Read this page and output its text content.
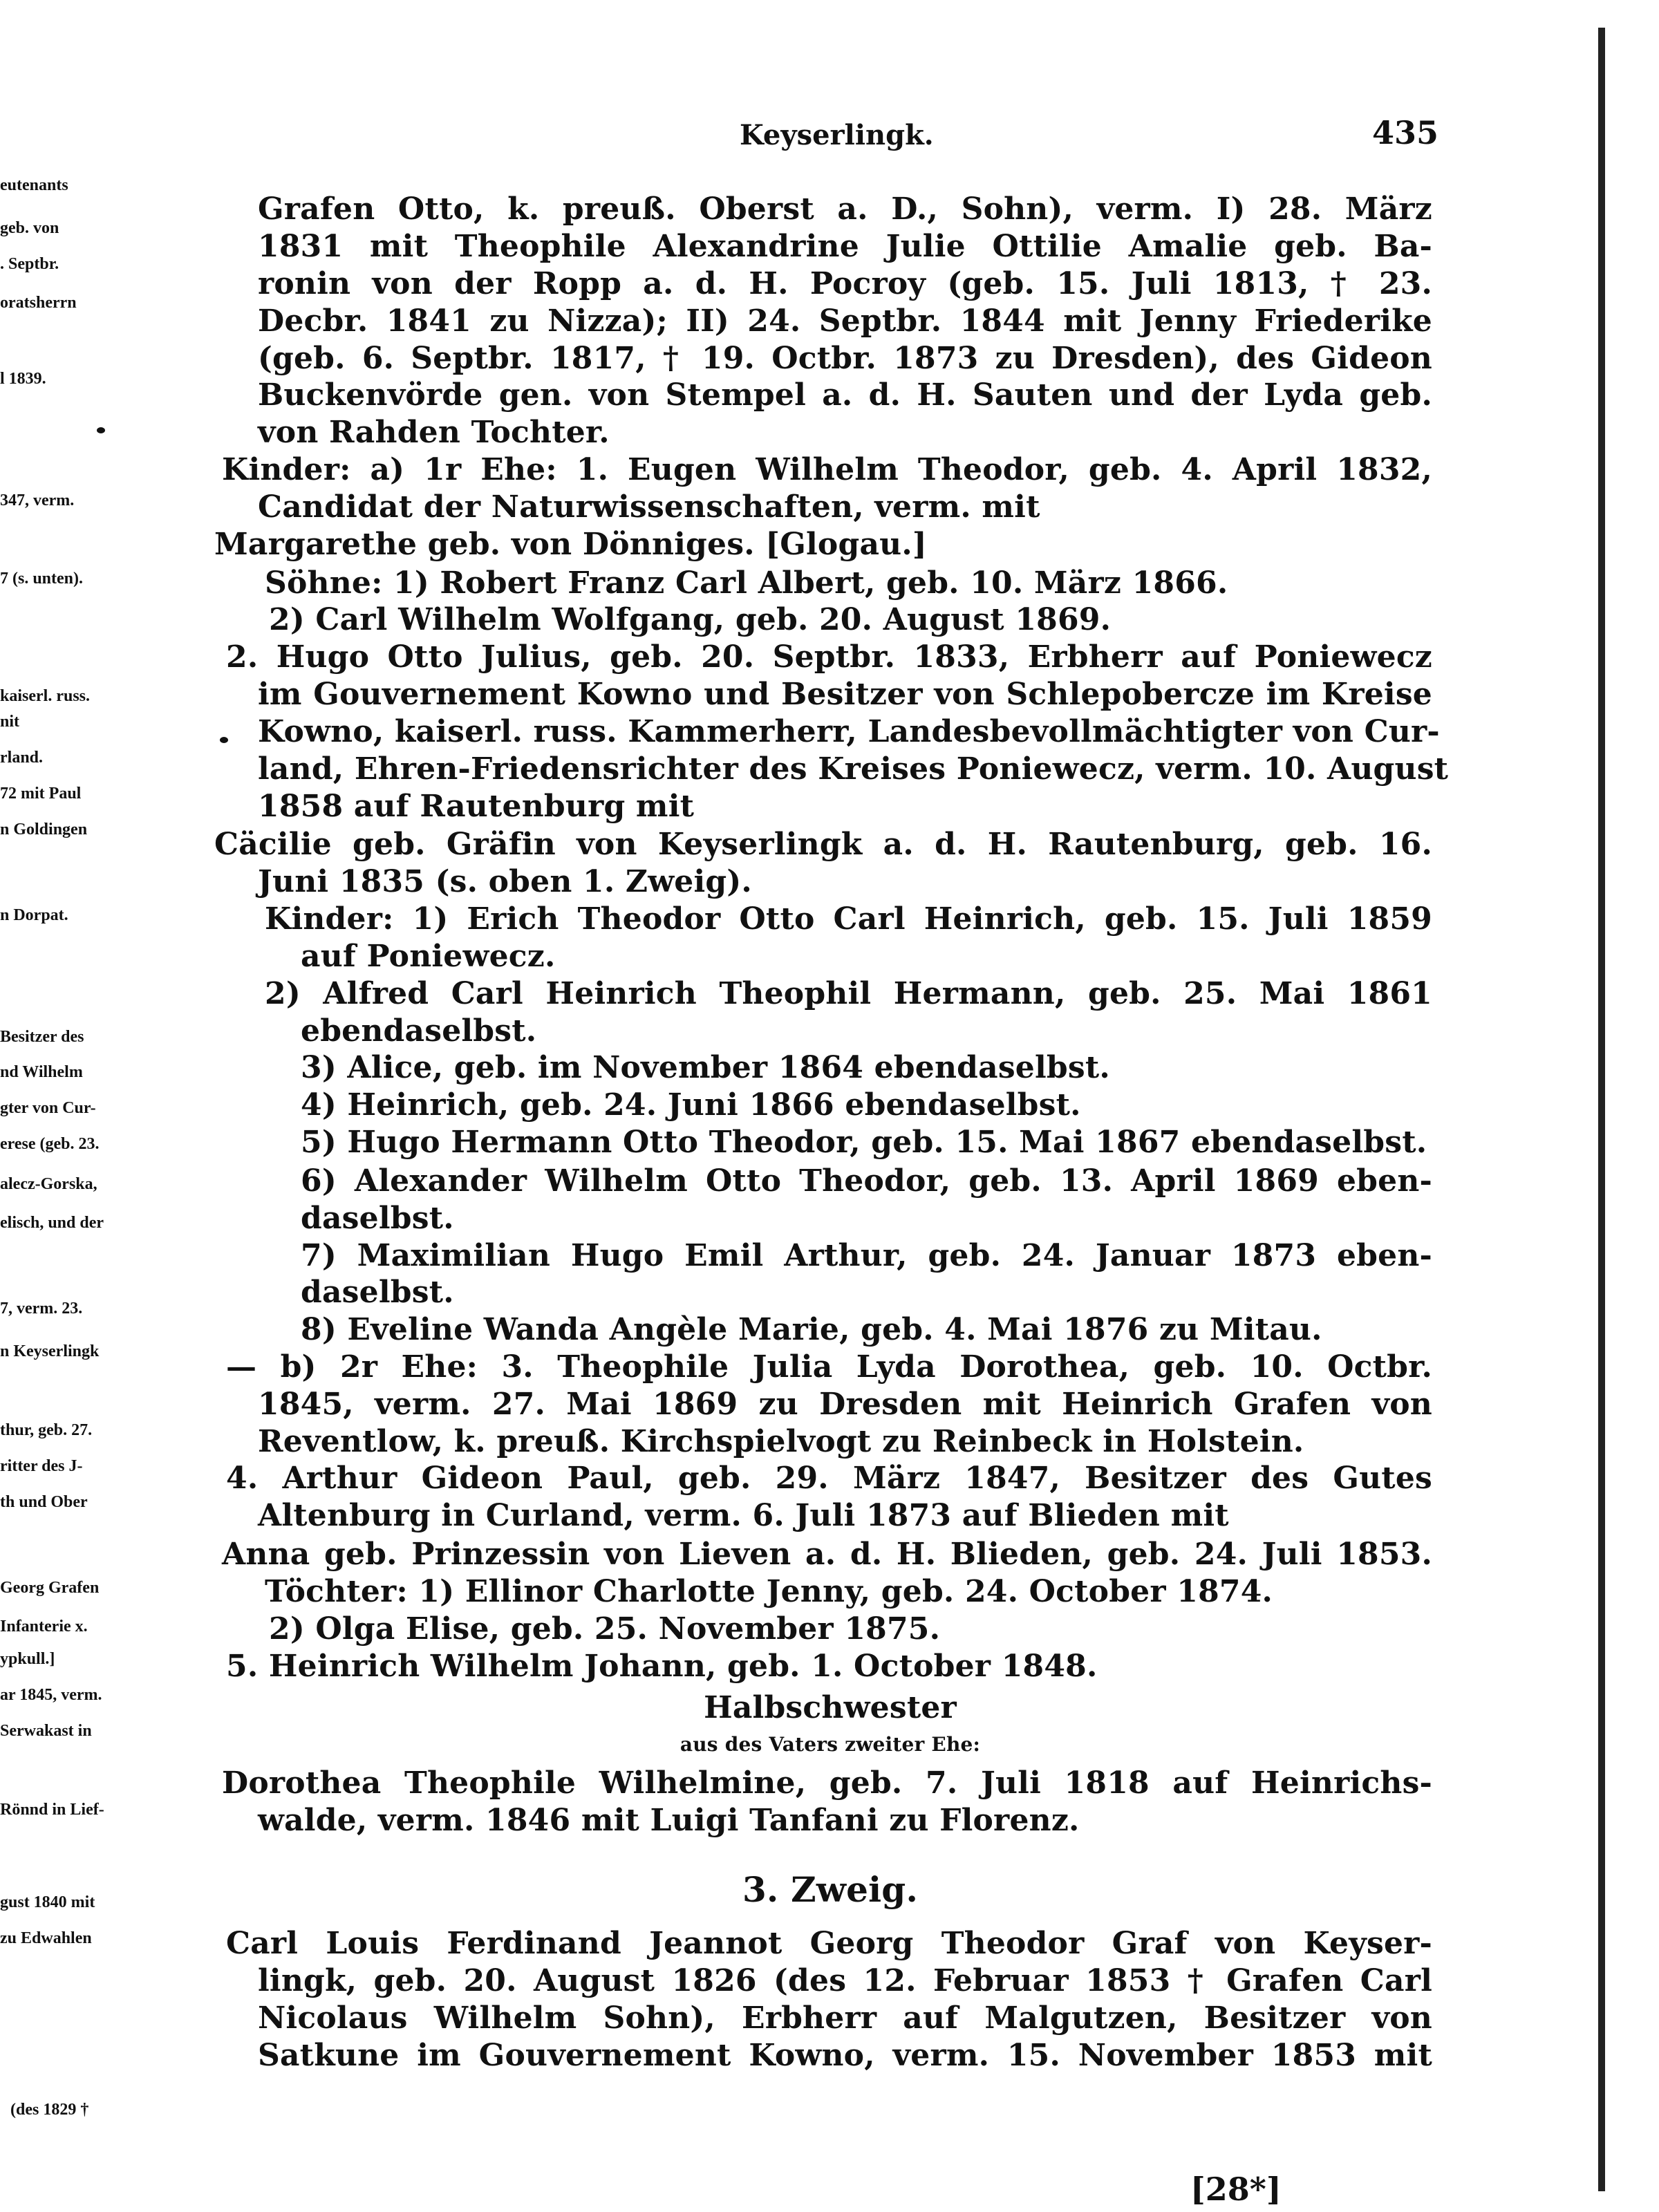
Keyserlingk.	435
[28*]
Grafen Otto, k. preuß. Oberst a. D., Sohn), verm. I) 28. März
1831 mit Theophile Alexandrine Julie Ottilie Amalie geb. Ba-
ronin von der Ropp a. d. H. Pocroy (geb. 15. Juli 1813, † 23.
Decbr. 1841 zu Nizza); II) 24. Septbr. 1844 mit Jenny Friederike
(geb. 6. Septbr. 1817, † 19. Octbr. 1873 zu Dresden), des Gideon
Buckenvörde gen. von Stempel a. d. H. Sauten und der Lyda geb.
von Rahden Tochter.
Kinder: a) 1r Ehe: 1. Eugen Wilhelm Theodor, geb. 4. April 1832,
Candidat der Naturwissenschaften, verm. mit
Margarethe geb. von Dönniges. [Glogau.]
Söhne: 1) Robert Franz Carl Albert, geb. 10. März 1866.
2) Carl Wilhelm Wolfgang, geb. 20. August 1869.
2. Hugo Otto Julius, geb. 20. Septbr. 1833, Erbherr auf Poniewecz
im Gouvernement Kowno und Besitzer von Schlepobercze im Kreise
Kowno, kaiserl. russ. Kammerherr, Landesbevollmächtigter von Cur-
land, Ehren-Friedensrichter des Kreises Poniewecz, verm. 10. August
1858 auf Rautenburg mit
Cäcilie geb. Gräfin von Keyserlingk a. d. H. Rautenburg, geb. 16.
Juni 1835 (s. oben 1. Zweig).
Kinder: 1) Erich Theodor Otto Carl Heinrich, geb. 15. Juli 1859
auf Poniewecz.
2) Alfred Carl Heinrich Theophil Hermann, geb. 25. Mai 1861
ebendaselbst.
3) Alice, geb. im November 1864 ebendaselbst.
4) Heinrich, geb. 24. Juni 1866 ebendaselbst.
5) Hugo Hermann Otto Theodor, geb. 15. Mai 1867 ebendaselbst.
6) Alexander Wilhelm Otto Theodor, geb. 13. April 1869 eben-
daselbst.
7) Maximilian Hugo Emil Arthur, geb. 24. Januar 1873 eben-
daselbst.
8) Eveline Wanda Angèle Marie, geb. 4. Mai 1876 zu Mitau.
— b) 2r Ehe: 3. Theophile Julia Lyda Dorothea, geb. 10. Octbr.
1845, verm. 27. Mai 1869 zu Dresden mit Heinrich Grafen von
Reventlow, k. preuß. Kirchspielvogt zu Reinbeck in Holstein.
4. Arthur Gideon Paul, geb. 29. März 1847, Besitzer des Gutes
Altenburg in Curland, verm. 6. Juli 1873 auf Blieden mit
Anna geb. Prinzessin von Lieven a. d. H. Blieden, geb. 24. Juli 1853.
Töchter: 1) Ellinor Charlotte Jenny, geb. 24. October 1874.
2) Olga Elise, geb. 25. November 1875.
5. Heinrich Wilhelm Johann, geb. 1. October 1848.
Halbschwester
aus des Vaters zweiter Ehe:
Dorothea Theophile Wilhelmine, geb. 7. Juli 1818 auf Heinrichs-
walde, verm. 1846 mit Luigi Tanfani zu Florenz.
3. Zweig.
Carl Louis Ferdinand Jeannot Georg Theodor Graf von Keyser-
lingk, geb. 20. August 1826 (des 12. Februar 1853 † Grafen Carl
Nicolaus Wilhelm Sohn), Erbherr auf Malgutzen, Besitzer von
Satkune im Gouvernement Kowno, verm. 15. November 1853 mit
eutenants
geb. von
. Septbr.
oratsherrn
l 1839.
347, verm.
7 (s. unten).
kaiserl. russ.
nit
rland.
72 mit Paul
n Goldingen
n Dorpat.
Besitzer des
nd Wilhelm
gter von Cur-
erese (geb. 23.
alecz-Gorska,
elisch, und der
7, verm. 23.
n Keyserlingk
thur, geb. 27.
ritter des J-
th und Ober
Georg Grafen
Infanterie x.
ypkull.]
ar 1845, verm.
Serwakast in
Rönnd in Lief-
gust 1840 mit
zu Edwahlen
(des 1829 †
